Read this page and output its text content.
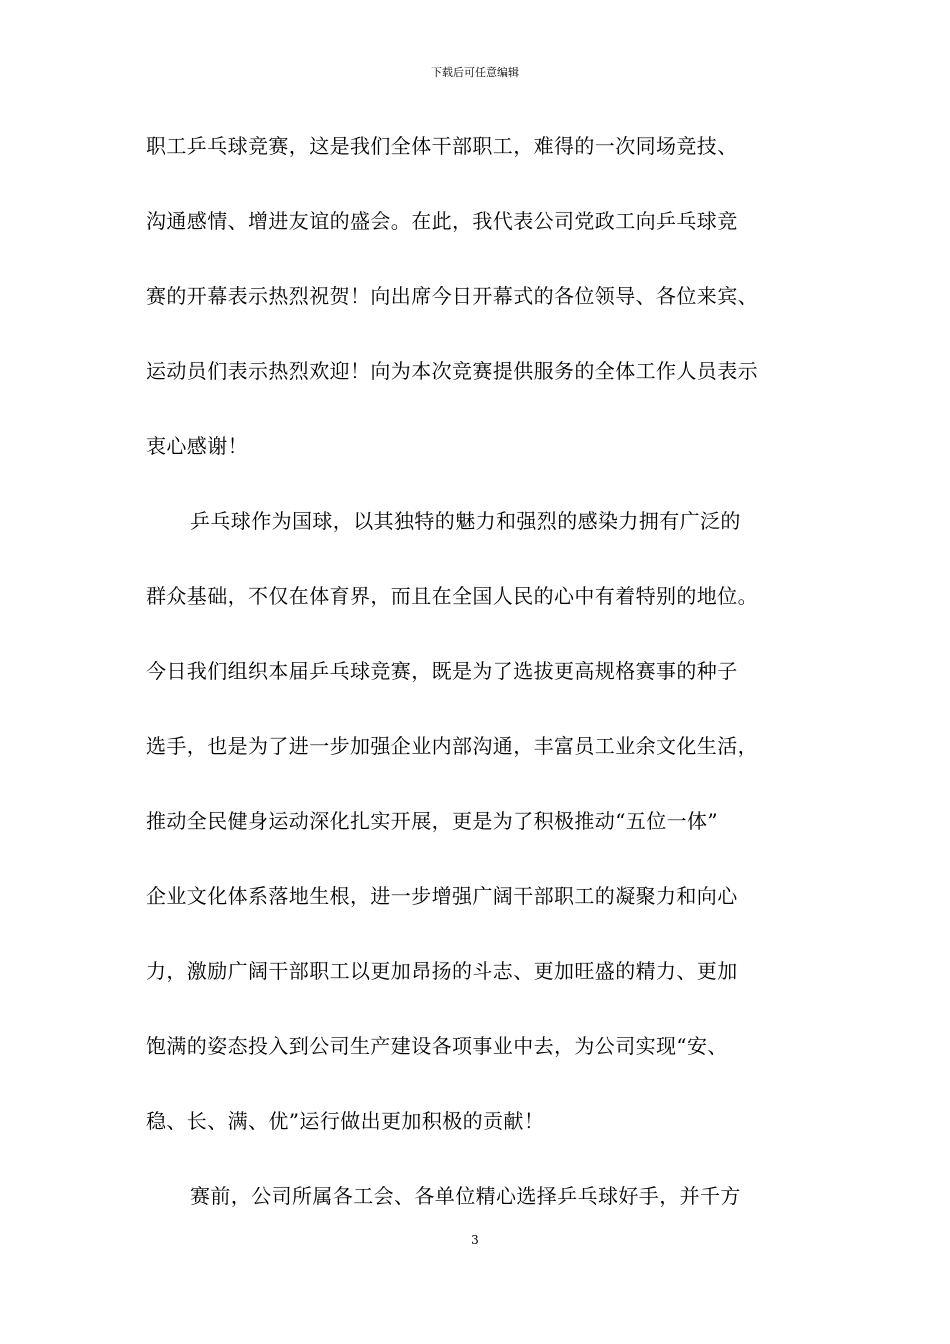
下载后可任意编辑
职工乒乓球竞赛，这是我们全体干部职工，难得的一次同场竞技、
沟通感情、增进友谊的盛会。在此，我代表公司党政工向乒乓球竞
赛的开幕表示热烈祝贺！向出席今日开幕式的各位领导、各位来宾、
运动员们表示热烈欢迎！向为本次竞赛提供服务的全体工作人员表示
衷心感谢！
乒乓球作为国球，以其独特的魅力和强烈的感染力拥有广泛的
群众基础，不仅在体育界，而且在全国人民的心中有着特别的地位。
今日我们组织本届乒乓球竞赛，既是为了选拔更高规格赛事的种子
选手，也是为了进一步加强企业内部沟通，丰富员工业余文化生活，
推动全民健身运动深化扎实开展，更是为了积极推动“五位一体”
企业文化体系落地生根，进一步增强广阔干部职工的凝聚力和向心
力，激励广阔干部职工以更加昂扬的斗志、更加旺盛的精力、更加
饱满的姿态投入到公司生产建设各项事业中去，为公司实现“安、
稳、长、满、优”运行做出更加积极的贡献！
赛前，公司所属各工会、各单位精心选择乒乓球好手，并千方
3
